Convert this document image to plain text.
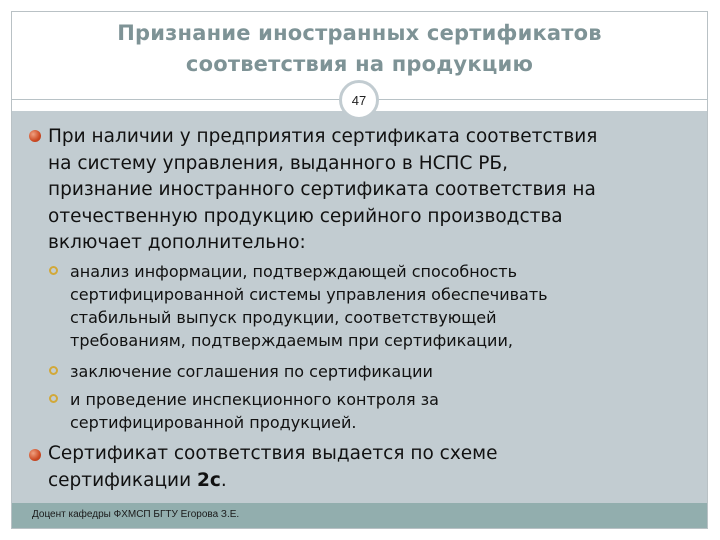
Признание иностранных сертификатов
соответствия на продукцию
47
При наличии у предприятия сертификата соответствия
на систему управления, выданного в НСПС РБ,
признание иностранного сертификата соответствия на
отечественную продукцию серийного производства
включает дополнительно:
анализ информации, подтверждающей способность
сертифицированной системы управления обеспечивать
стабильный выпуск продукции, соответствующей
требованиям, подтверждаемым при сертификации,
заключение соглашения по сертификации
и проведение инспекционного контроля за
сертифицированной продукцией.
Сертификат соответствия выдается по схеме
сертификации 2с.
Доцент кафедры ФХМСП БГТУ Егорова З.Е.
